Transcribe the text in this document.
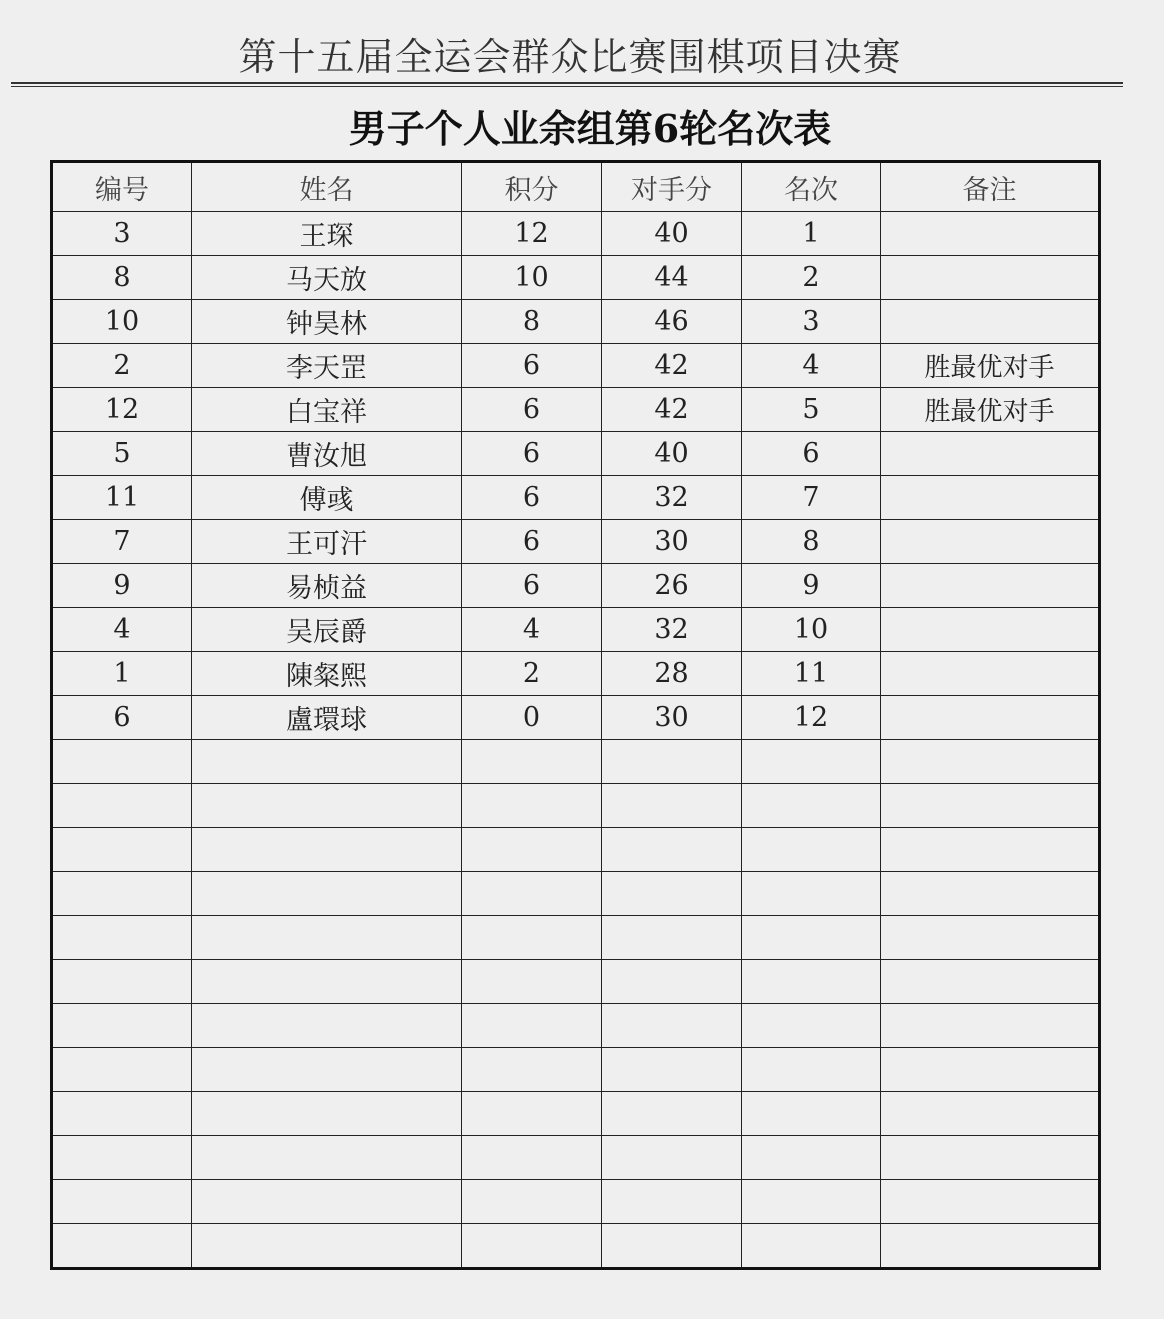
第十五届全运会群众比赛围棋项目决赛
男子个人业余组第6轮名次表
编号	姓名	积分	对手分	名次	备注
3	王琛	12	40	1	
8	马天放	10	44	2	
10	钟昊林	8	46	3	
2	李天罡	6	42	4	胜最优对手
12	白宝祥	6	42	5	胜最优对手
5	曹汝旭	6	40	6	
11	傅彧	6	32	7	
7	王可汗	6	30	8	
9	易桢益	6	26	9	
4	吴辰爵	4	32	10	
1	陳粲熙	2	28	11	
6	盧環球	0	30	12	
